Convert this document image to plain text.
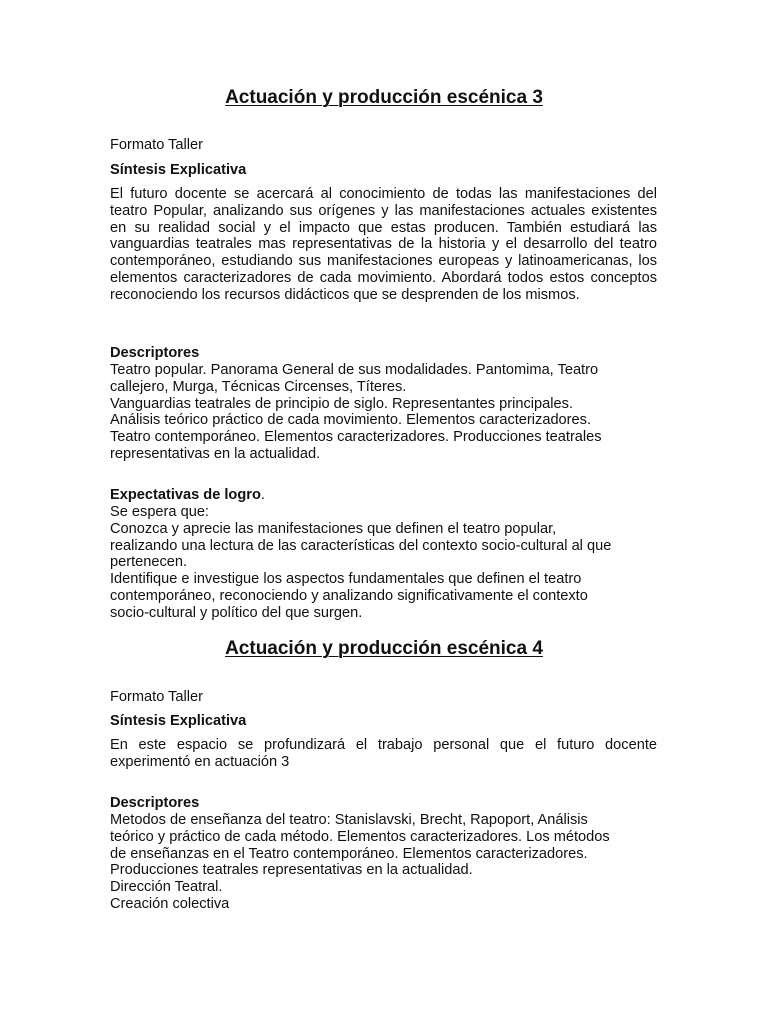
Actuación y producción escénica 3

Formato Taller

Síntesis Explicativa

El futuro docente se acercará al conocimiento de todas las manifestaciones del teatro Popular, analizando sus orígenes y las manifestaciones actuales existentes en su realidad social y el impacto que estas producen. También estudiará las vanguardias teatrales mas representativas de la historia y el desarrollo del teatro contemporáneo, estudiando sus manifestaciones europeas y latinoamericanas, los elementos caracterizadores de cada movimiento. Abordará todos estos conceptos reconociendo los recursos didácticos que se desprenden de los mismos.

Descriptores

Teatro popular. Panorama General de sus modalidades. Pantomima, Teatro
callejero, Murga, Técnicas Circenses, Títeres.
Vanguardias teatrales de principio de siglo. Representantes principales.
Análisis teórico práctico de cada movimiento. Elementos caracterizadores.
Teatro contemporáneo. Elementos caracterizadores. Producciones teatrales
representativas en la actualidad.

Expectativas de logro.

Se espera que:
Conozca y aprecie las manifestaciones que definen el teatro popular,
realizando una lectura de las características del contexto socio-cultural al que
pertenecen.
Identifique e investigue los aspectos fundamentales que definen el teatro
contemporáneo, reconociendo y analizando significativamente el contexto
socio-cultural y político del que surgen.
Actuación y producción escénica 4

Formato Taller

Síntesis Explicativa

En este espacio se profundizará el trabajo personal que el futuro docente experimentó en actuación 3

Descriptores

Metodos de enseñanza del teatro: Stanislavski, Brecht, Rapoport, Análisis
teórico y práctico de cada método. Elementos caracterizadores. Los métodos
de enseñanzas en el Teatro contemporáneo. Elementos caracterizadores.
Producciones teatrales representativas en la actualidad.
Dirección Teatral.
Creación colectiva
